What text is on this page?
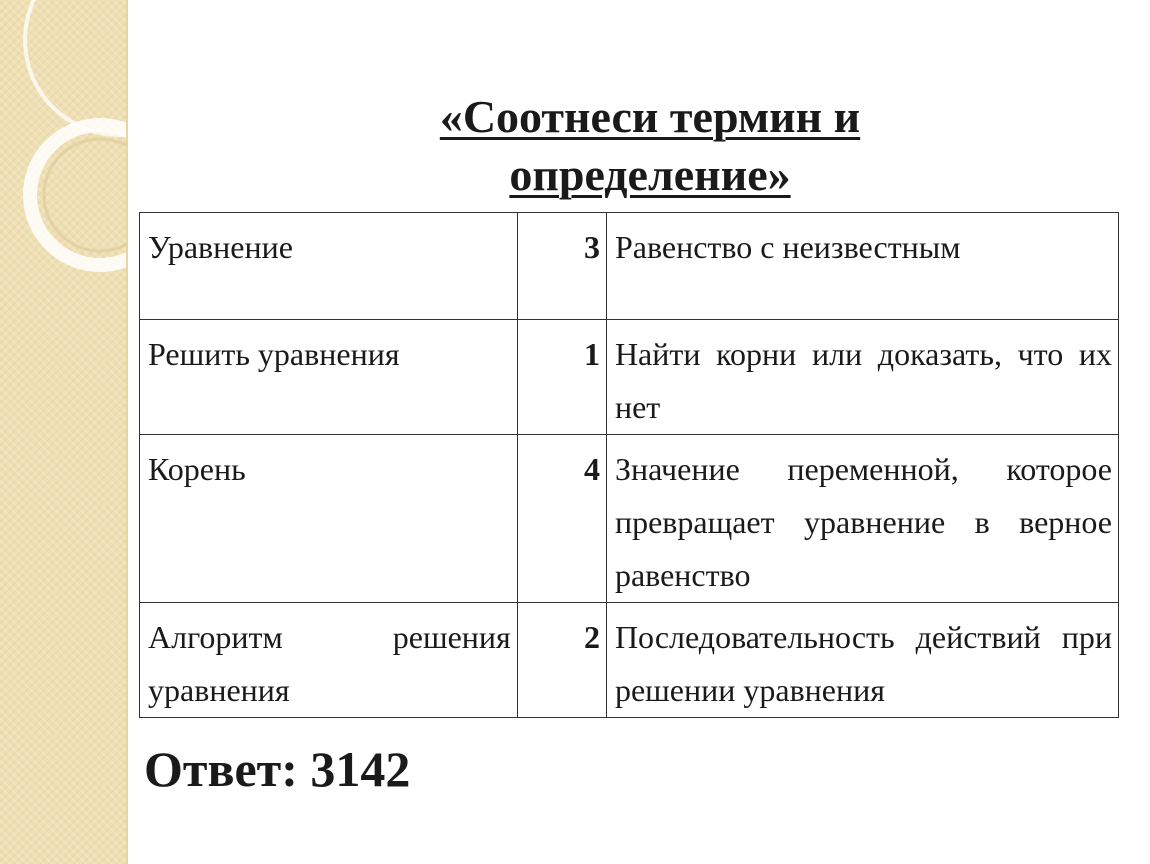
«Соотнеси термин и определение»
Уравнение	3	Равенство с неизвестным
Решить уравнения	1	Найти корни или доказать, что их нет
Корень	4	Значение переменной, которое превращает уравнение в верное равенство
Алгоритм решения уравнения	2	Последовательность действий при решении уравнения

Ответ: 3142
